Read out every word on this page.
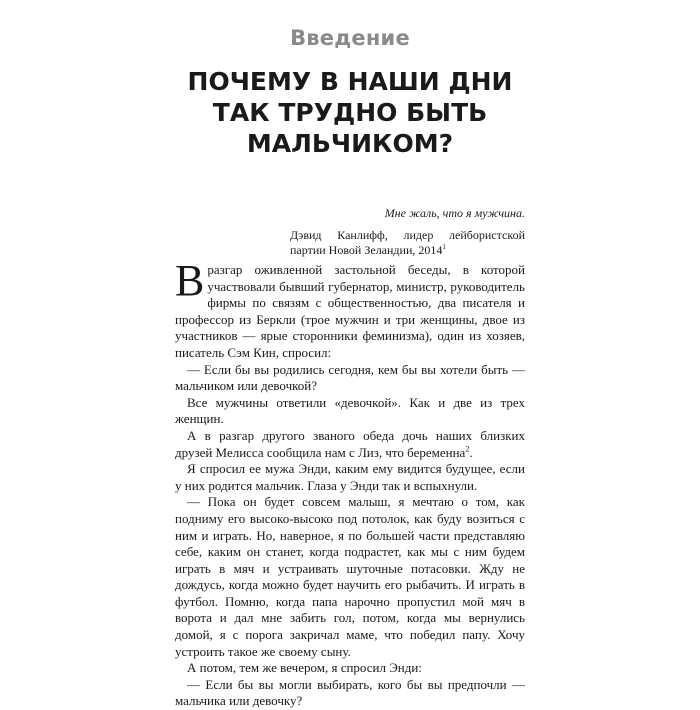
Введение
ПОЧЕМУ В НАШИ ДНИ
ТАК ТРУДНО БЫТЬ
МАЛЬЧИКОМ?
Мне жаль, что я мужчина.
Дэвид Канлифф, лидер лейбористской партии Новой Зеландии, 2014$^1$

Вразгар оживленной застольной беседы, в которой участвовали бывший губернатор, министр, руководитель фирмы по связям с общественностью, два писателя и профессор из Беркли (трое мужчин и три женщины, двое из участников — ярые сторонники феминизма), один из хозяев, писатель Сэм Кин, спросил:

— Если бы вы родились сегодня, кем бы вы хотели быть — мальчиком или девочкой?

Все мужчины ответили «девочкой». Как и две из трех женщин.

А в разгар другого званого обеда дочь наших близких друзей Мелисса сообщила нам с Лиз, что беременна$^2$.

Я спросил ее мужа Энди, каким ему видится будущее, если у них родится мальчик. Глаза у Энди так и вспыхнули.

— Пока он будет совсем малыш, я мечтаю о том, как подниму его высоко-высоко под потолок, как буду возиться с ним и играть. Но, наверное, я по большей части представляю себе, каким он станет, когда подрастет, как мы с ним будем играть в мяч и устраивать шуточные потасовки. Жду не дождусь, когда можно будет научить его рыбачить. И играть в футбол. Помню, когда папа нарочно пропустил мой мяч в ворота и дал мне забить гол, потом, когда мы вернулись домой, я с порога закричал маме, что победил папу. Хочу устроить такое же своему сыну.

А потом, тем же вечером, я спросил Энди:

— Если бы вы могли выбирать, кого бы вы предпочли — мальчика или девочку?
